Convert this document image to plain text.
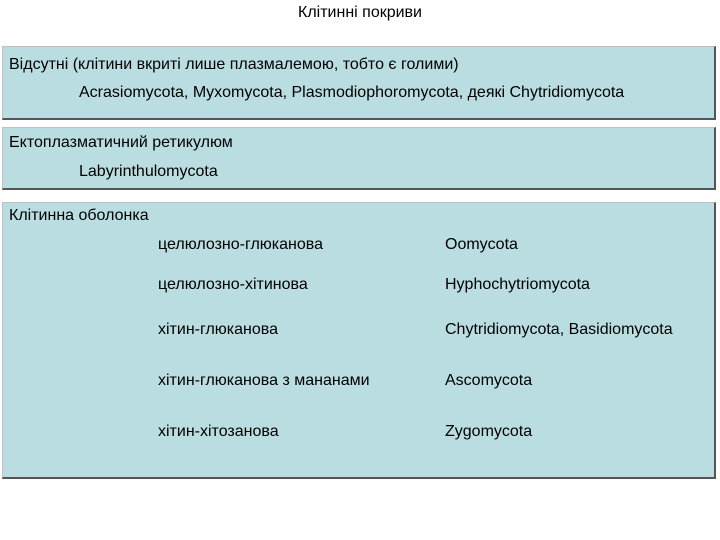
Клітинні покриви
Відсутні (клітини вкриті лише плазмалемою, тобто є голими)
Acrasiomycota, Myxomycota, Plasmodiophoromycota, деякі Chytridiomycota
Ектоплазматичний ретикулюм
Labyrinthulomycota
Клітинна оболонка
целюлозно-глюканова	Oomycota
целюлозно-хітинова	Hyphochytriomycota
хітин-глюканова	Chytridiomycota, Basidiomycota
хітин-глюканова з мананами	Ascomycota
хітин-хітозанова	Zygomycota
